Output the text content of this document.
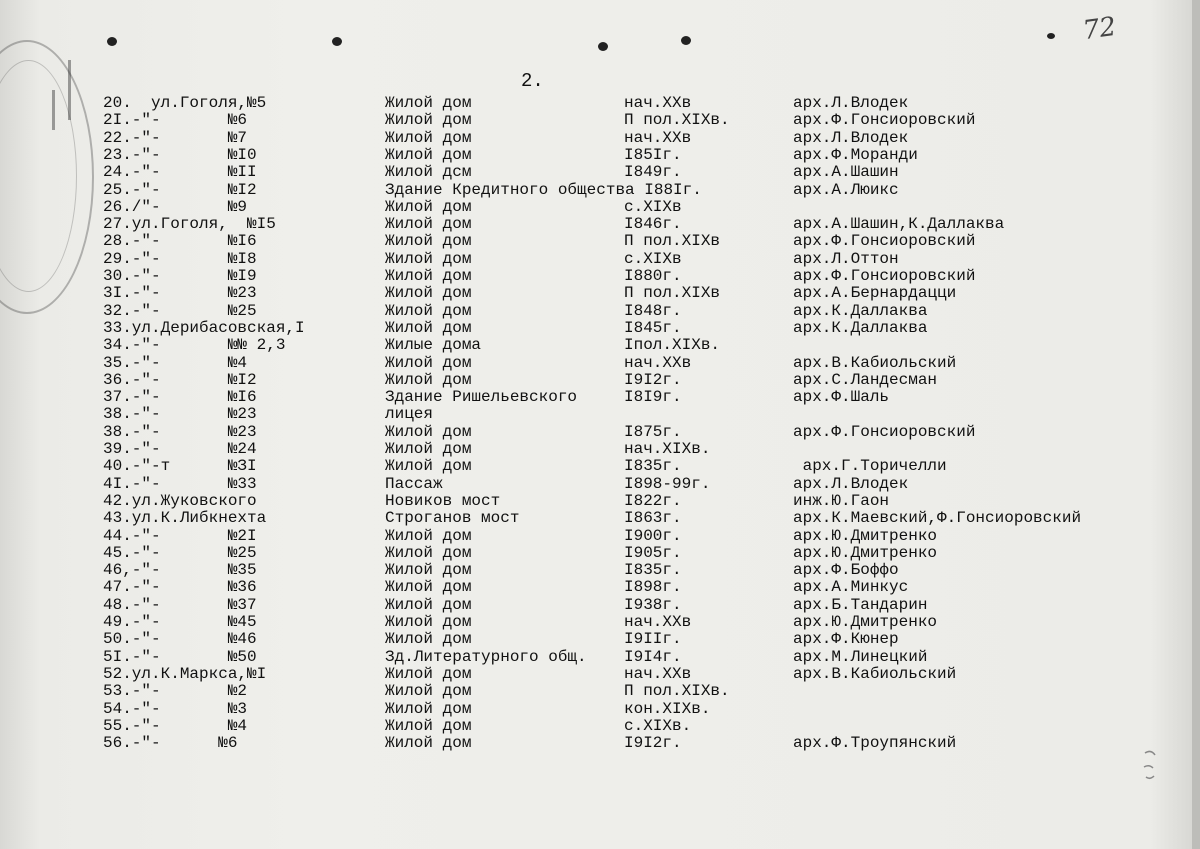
72
2.
20.  ул.Гоголя,№5	Жилой дом	нач.XXв	арх.Л.Влодек
2I.-"-       №6	Жилой дом	П пол.XIXв.	арх.Ф.Гонсиоровский
22.-"-       №7	Жилой дом	нач.XXв	арх.Л.Влодек
23.-"-       №I0	Жилой дом	I85Iг.	арх.Ф.Моранди
24.-"-       №II	Жилой дсм	I849г.	арх.А.Шашин
25.-"-       №I2	Здание Кредитного общества I88Iг.	арх.А.Люикс
26./"-       №9	Жилой дом	с.XIXв
27.ул.Гоголя,  №I5	Жилой дом	I846г.	арх.А.Шашин,К.Даллаква
28.-"-       №I6	Жилой дом	П пол.XIXв	арх.Ф.Гонсиоровский
29.-"-       №I8	Жилой дом	с.XIXв	арх.Л.Оттон
30.-"-       №I9	Жилой дом	I880г.	арх.Ф.Гонсиоровский
3I.-"-       №23	Жилой дом	П пол.XIXв	арх.А.Бернардацци
32.-"-       №25	Жилой дом	I848г.	арх.К.Даллаква
33.ул.Дерибасовская,I	Жилой дом	I845г.	арх.К.Даллаква
34.-"-       №№ 2,3	Жилые дома	Iпол.XIXв.
35.-"-       №4	Жилой дом	нач.XXв	арх.В.Кабиольский
36.-"-       №I2	Жилой дом	I9I2г.	арх.С.Ландесман
37.-"-       №I6	Здание Ришельевского	I8I9г.	арх.Ф.Шаль
38.-"-       №23	лицея
38.-"-       №23	Жилой дом	I875г.	арх.Ф.Гонсиоровский
39.-"-       №24	Жилой дом	нач.XIXв.
40.-"-т      №ЗI	Жилой дом	I835г.	арх.Г.Торичелли
4I.-"-       №33	Пассаж	I898-99г.	арх.Л.Влодек
42.ул.Жуковского	Новиков мост	I822г.	инж.Ю.Гаон
43.ул.К.Либкнехта	Строганов мост	I863г.	арх.К.Маевский,Ф.Гонсиоровский
44.-"-       №2I	Жилой дом	I900г.	арх.Ю.Дмитренко
45.-"-       №25	Жилой дом	I905г.	арх.Ю.Дмитренко
46,-"-       №35	Жилой дом	I835г.	арх.Ф.Боффо
47.-"-       №36	Жилой дом	I898г.	арх.А.Минкус
48.-"-       №37	Жилой дом	I938г.	арх.Б.Тандарин
49.-"-       №45	Жилой дом	нач.XXв	арх.Ю.Дмитренко
50.-"-       №46	Жилой дом	I9IIг.	арх.Ф.Кюнер
5I.-"-       №50	Зд.Литературного общ. I9I4г.	арх.М.Линецкий
52.ул.К.Маркса,№I	Жилой дом	нач.XXв	арх.В.Кабиольский
53.-"-       №2	Жилой дом	П пол.XIXв.
54.-"-       №3	Жилой дом	кон.XIXв.
55.-"-       №4	Жилой дом	с.XIXв.
56.-"-      №6	Жилой дом	I9I2г.	арх.Ф.Троупянский
